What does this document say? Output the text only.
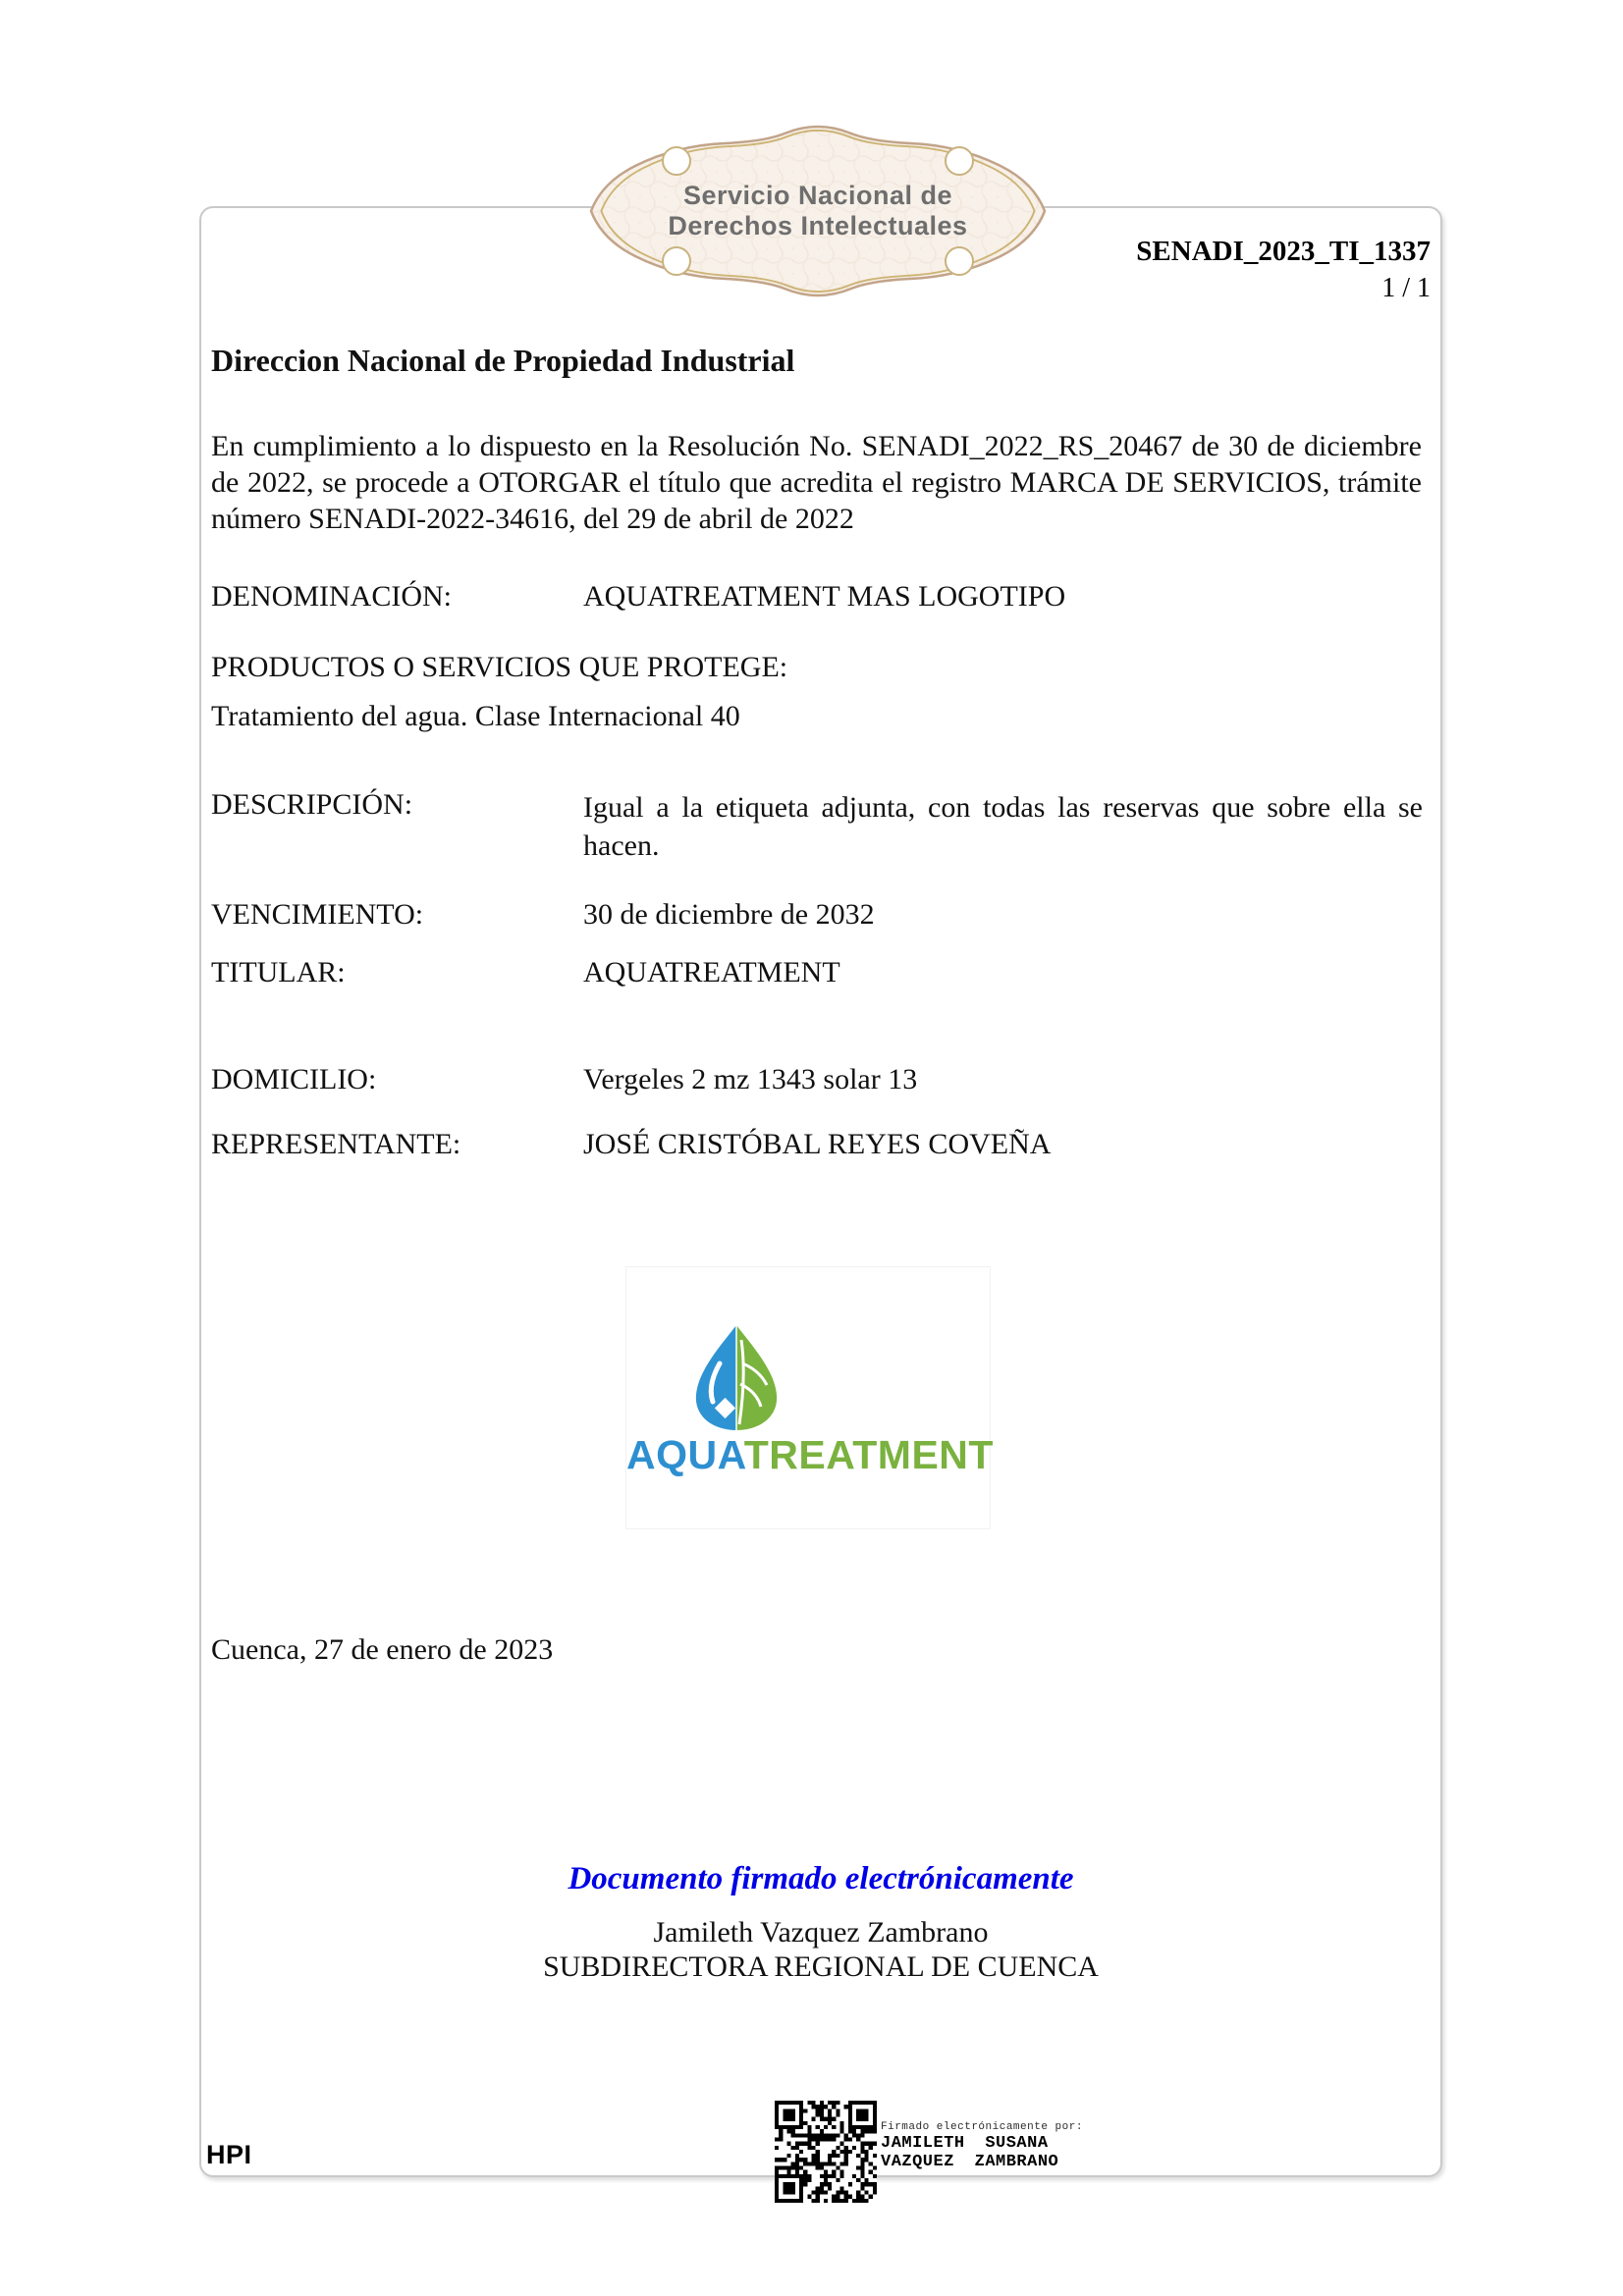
Servicio Nacional de
Derechos Intelectuales
SENADI_2023_TI_1337
1 / 1
Direccion Nacional de Propiedad Industrial

En cumplimiento a lo dispuesto en la Resolución No. SENADI_2022_RS_20467 de 30 de diciembre de 2022, se procede a OTORGAR el título que acredita el registro MARCA DE SERVICIOS, trámite número SENADI-2022-34616, del 29 de abril de 2022

DENOMINACIÓN:	AQUATREATMENT MAS LOGOTIPO
PRODUCTOS O SERVICIOS QUE PROTEGE:
Tratamiento del agua. Clase Internacional 40
DESCRIPCIÓN:	Igual a la etiqueta adjunta, con todas las reservas que sobre ella se hacen.
VENCIMIENTO:	30 de diciembre de 2032
TITULAR:	AQUATREATMENT
DOMICILIO:	Vergeles 2 mz 1343 solar 13
REPRESENTANTE:	JOSÉ CRISTÓBAL REYES COVEÑA
AQUATREATMENT
Cuenca, 27 de enero de 2023
Documento firmado electrónicamente
Jamileth Vazquez Zambrano
SUBDIRECTORA REGIONAL DE CUENCA
Firmado electrónicamente por:
JAMILETH SUSANA
VAZQUEZ ZAMBRANO
HPI
